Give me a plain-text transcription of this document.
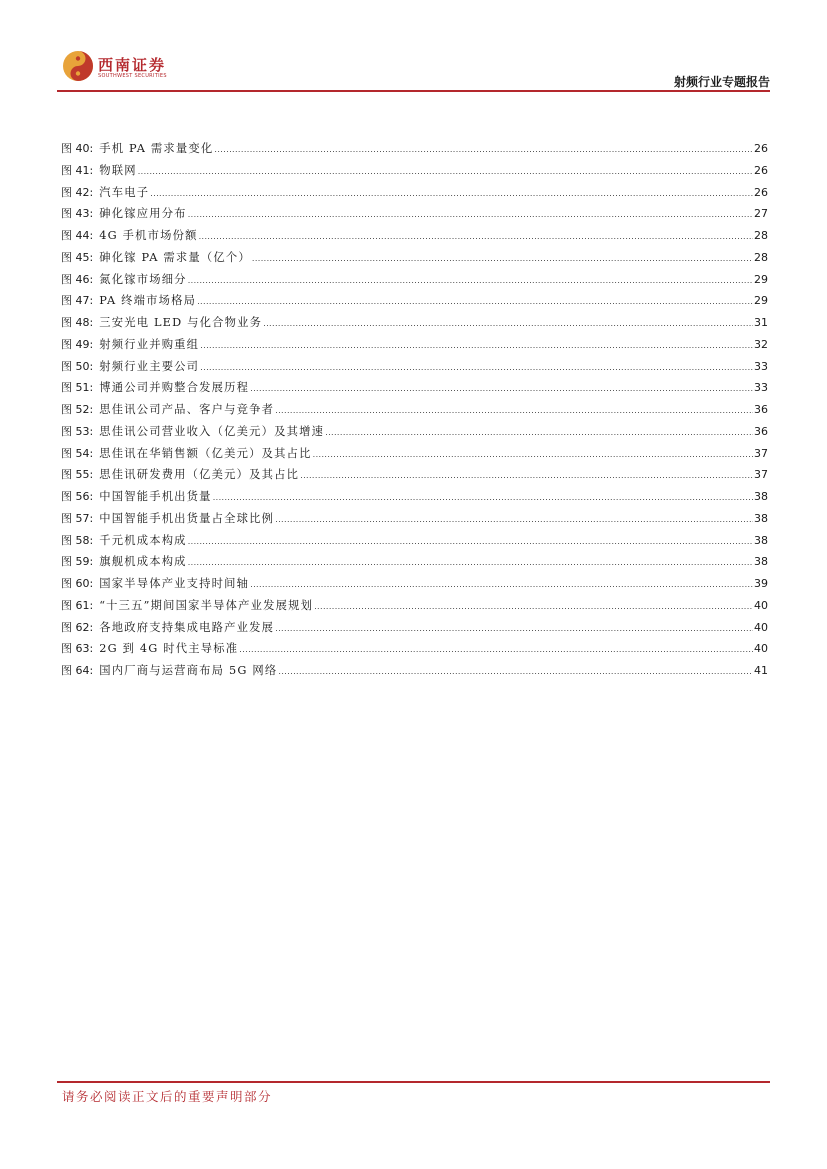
西南证券
SOUTHWEST SECURITIES	射频行业专题报告
图 40: 手机 PA 需求量变化 .....	26
图 41: 物联网 .....	26
图 42: 汽车电子 .....	26
图 43: 砷化镓应用分布 .....	27
图 44: 4G 手机市场份额 .....	28
图 45: 砷化镓 PA 需求量（亿个） .....	28
图 46: 氮化镓市场细分 .....	29
图 47: PA 终端市场格局 .....	29
图 48: 三安光电 LED 与化合物业务 .....	31
图 49: 射频行业并购重组 .....	32
图 50: 射频行业主要公司 .....	33
图 51: 博通公司并购整合发展历程 .....	33
图 52: 思佳讯公司产品、客户与竞争者 .....	36
图 53: 思佳讯公司营业收入（亿美元）及其增速 .....	36
图 54: 思佳讯在华销售额（亿美元）及其占比 .....	37
图 55: 思佳讯研发费用（亿美元）及其占比 .....	37
图 56: 中国智能手机出货量 .....	38
图 57: 中国智能手机出货量占全球比例 .....	38
图 58: 千元机成本构成 .....	38
图 59: 旗舰机成本构成 .....	38
图 60: 国家半导体产业支持时间轴 .....	39
图 61: “十三五”期间国家半导体产业发展规划 .....	40
图 62: 各地政府支持集成电路产业发展 .....	40
图 63: 2G 到 4G 时代主导标准 .....	40
图 64: 国内厂商与运营商布局 5G 网络 .....	41
请务必阅读正文后的重要声明部分
